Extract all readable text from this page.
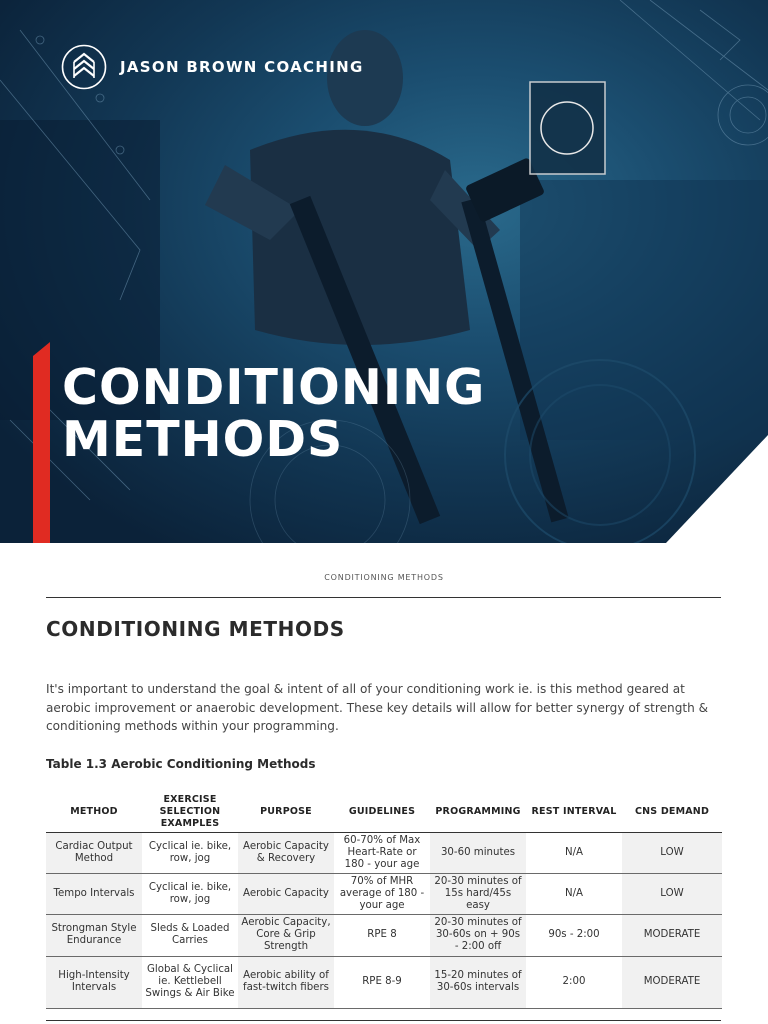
JASON BROWN COACHING
CONDITIONING
METHODS
CONDITIONING METHODS
CONDITIONING METHODS

It's important to understand the goal & intent of all of your conditioning work ie. is this method geared at aerobic improvement or anaerobic development. These key details will allow for better synergy of strength & conditioning methods within your programming.

Table 1.3 Aerobic Conditioning Methods
METHOD	EXERCISE SELECTION EXAMPLES	PURPOSE	GUIDELINES	PROGRAMMING	REST INTERVAL	CNS DEMAND
Cardiac Output Method	Cyclical ie. bike, row, jog	Aerobic Capacity & Recovery	60-70% of Max Heart-Rate or 180 - your age	30-60 minutes	N/A	LOW
Tempo Intervals	Cyclical ie. bike, row, jog	Aerobic Capacity	70% of MHR average of 180 - your age	20-30 minutes of 15s hard/45s easy	N/A	LOW
Strongman Style Endurance	Sleds & Loaded Carries	Aerobic Capacity, Core & Grip Strength	RPE 8	20-30 minutes of 30-60s on + 90s - 2:00 off	90s - 2:00	MODERATE
High-Intensity Intervals	Global & Cyclical ie. Kettlebell Swings & Air Bike	Aerobic ability of fast-twitch fibers	RPE 8-9	15-20 minutes of 30-60s intervals	2:00	MODERATE
